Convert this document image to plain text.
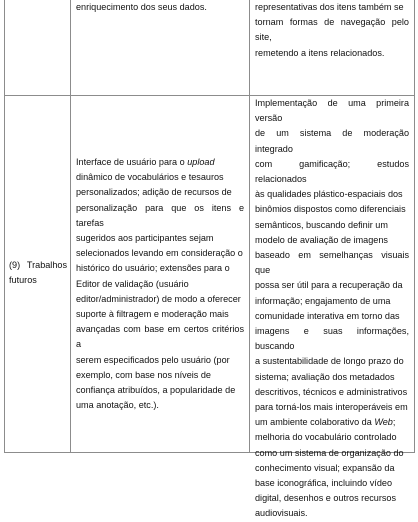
enriquecimento dos seus dados.	representativas dos itens também se

tornam formas de navegação pelo site,

remetendo a itens relacionados.

(9) Trabalhos
futuros

Interface de usuário para o upload

dinâmico de vocabulários e tesauros

personalizados; adição de recursos de

personalização para que os itens e tarefas

sugeridos aos participantes sejam

selecionados levando em consideração o

histórico do usuário; extensões para o

Editor de validação (usuário

editor/administrador) de modo a oferecer

suporte à filtragem e moderação mais

avançadas com base em certos critérios a

serem especificados pelo usuário (por

exemplo, com base nos níveis de

confiança atribuídos, a popularidade de

uma anotação, etc.).

Implementação de uma primeira versão

de um sistema de moderação integrado

com gamificação; estudos relacionados

às qualidades plástico-espaciais dos

binômios dispostos como diferenciais

semânticos, buscando definir um

modelo de avaliação de imagens

baseado em semelhanças visuais que

possa ser útil para a recuperação da

informação; engajamento de uma

comunidade interativa em torno das

imagens e suas informações, buscando

a sustentabilidade de longo prazo do

sistema; avaliação dos metadados

descritivos, técnicos e administrativos

para torná-los mais interoperáveis em

um ambiente colaborativo da Web;

melhoria do vocabulário controlado

como um sistema de organização do

conhecimento visual; expansão da

base iconográfica, incluindo vídeo

digital, desenhos e outros recursos

audiovisuais.
